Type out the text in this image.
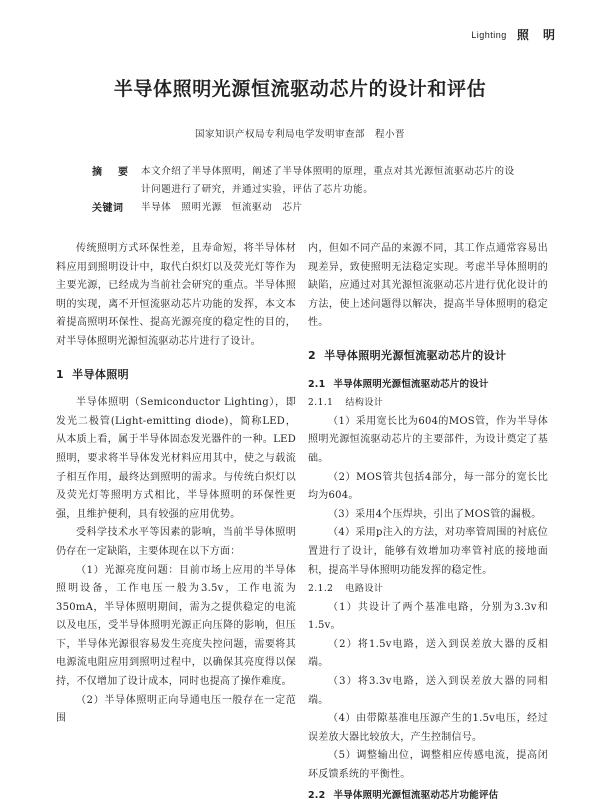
Lighting 照 明
半导体照明光源恒流驱动芯片的设计和评估
国家知识产权局专利局电学发明审查部　程小晋
摘　要 本文介绍了半导体照明，阐述了半导体照明的原理，重点对其光源恒流驱动芯片的设计问题进行了研究，并通过实验，评估了芯片功能。
关键词 半导体　照明光源　恒流驱动　芯片

传统照明方式环保性差，且寿命短，将半导体材料应用到照明设计中，取代白炽灯以及荧光灯等作为主要光源，已经成为当前社会研究的重点。半导体照明的实现，离不开恒流驱动芯片功能的发挥，本文本着提高照明环保性、提高光源亮度的稳定性的目的，对半导体照明光源恒流驱动芯片进行了设计。

1 半导体照明

半导体照明（Semiconductor Lighting），即发光二极管(Light-emitting diode)，简称LED，从本质上看，属于半导体固态发光器件的一种。LED照明，要求将半导体发光材料应用其中，使之与载流子相互作用，最终达到照明的需求。与传统白炽灯以及荧光灯等照明方式相比，半导体照明的环保性更强，且维护便利，具有较强的应用优势。

受科学技术水平等因素的影响，当前半导体照明仍存在一定缺陷，主要体现在以下方面：

（1）光源亮度问题：目前市场上应用的半导体照明设备，工作电压一般为3.5v，工作电流为350mA，半导体照明期间，需为之提供稳定的电流以及电压，受半导体照明光源正向压降的影响，但压下，半导体光源很容易发生亮度失控问题，需要将其电源流电阻应用到照明过程中，以确保其亮度得以保持，不仅增加了设计成本，同时也提高了操作难度。

（2）半导体照明正向导通电压一般存在一定范围

内，但如不同产品的来源不同，其工作点通常容易出现差异，致使照明无法稳定实现。考虑半导体照明的缺陷，应通过对其光源恒流驱动芯片进行优化设计的方法，使上述问题得以解决，提高半导体照明的稳定性。

2 半导体照明光源恒流驱动芯片的设计
2.1 半导体照明光源恒流驱动芯片的设计
2.1.1 结构设计

（1）采用宽长比为604的MOS管，作为半导体照明光源恒流驱动芯片的主要部件，为设计奠定了基础。

（2）MOS管共包括4部分，每一部分的宽长比均为604。

（3）采用4个压焊块，引出了MOS管的漏极。

（4）采用p注入的方法，对功率管周围的衬底位置进行了设计，能够有效增加功率管衬底的接地面积，提高半导体照明功能发挥的稳定性。

2.1.2 电路设计

（1）共设计了两个基准电路，分别为3.3v和1.5v。

（2）将1.5v电路，送入到误差放大器的反相端。

（3）将3.3v电路，送入到误差放大器的同相端。

（4）由带隙基准电压源产生的1.5v电压，经过误差放大器比较放大，产生控制信号。

（5）调整输出位，调整相应传感电流，提高闭环反馈系统的平衡性。

2.2 半导体照明光源恒流驱动芯片功能评估
